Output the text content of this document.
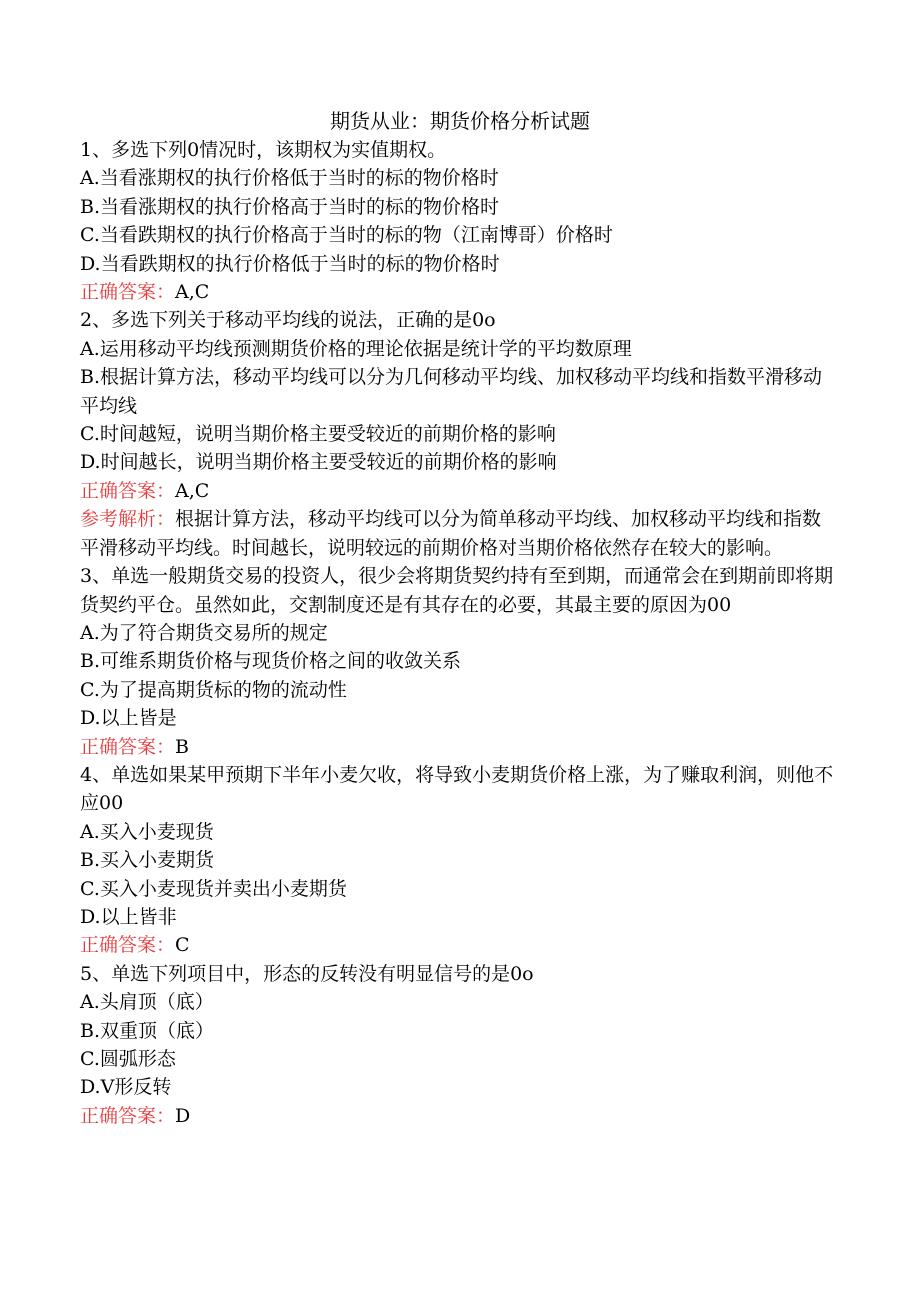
期货从业：期货价格分析试题

1、多选下列0情况时，该期权为实值期权。

A.当看涨期权的执行价格低于当时的标的物价格时

B.当看涨期权的执行价格高于当时的标的物价格时

C.当看跌期权的执行价格高于当时的标的物（江南博哥）价格时

D.当看跌期权的执行价格低于当时的标的物价格时

正确答案：A,C

2、多选下列关于移动平均线的说法，正确的是0o

A.运用移动平均线预测期货价格的理论依据是统计学的平均数原理

B.根据计算方法，移动平均线可以分为几何移动平均线、加权移动平均线和指数平滑移动平均线

C.时间越短，说明当期价格主要受较近的前期价格的影响

D.时间越长，说明当期价格主要受较近的前期价格的影响

正确答案：A,C

参考解析：根据计算方法，移动平均线可以分为简单移动平均线、加权移动平均线和指数平滑移动平均线。时间越长，说明较远的前期价格对当期价格依然存在较大的影响。

3、单选一般期货交易的投资人，很少会将期货契约持有至到期，而通常会在到期前即将期货契约平仓。虽然如此，交割制度还是有其存在的必要，其最主要的原因为00

A.为了符合期货交易所的规定

B.可维系期货价格与现货价格之间的收敛关系

C.为了提高期货标的物的流动性

D.以上皆是

正确答案：B

4、单选如果某甲预期下半年小麦欠收，将导致小麦期货价格上涨，为了赚取利润，则他不应00

A.买入小麦现货

B.买入小麦期货

C.买入小麦现货并卖出小麦期货

D.以上皆非

正确答案：C

5、单选下列项目中，形态的反转没有明显信号的是0o

A.头肩顶（底）

B.双重顶（底）

C.圆弧形态

D.V形反转

正确答案：D
